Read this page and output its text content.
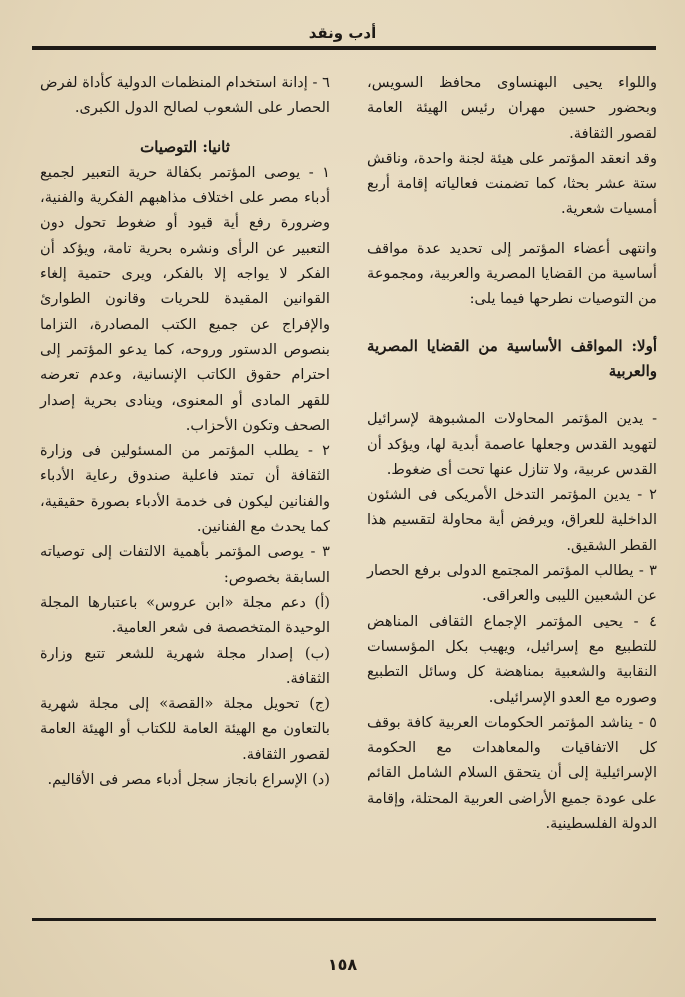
أدب ونقد

واللواء يحيى البهنساوى محافظ السويس، وبحضور حسين مهران رئيس الهيئة العامة لقصور الثقافة.

وقد انعقد المؤتمر على هيئة لجنة واحدة، وناقش ستة عشر بحثا، كما تضمنت فعالياته إقامة أربع أمسيات شعرية.

وانتهى أعضاء المؤتمر إلى تحديد عدة مواقف أساسية من القضايا المصرية والعربية، ومجموعة من التوصيات نطرحها فيما يلى:

أولا: المواقف الأساسية من القضايا المصرية والعربية

- يدين المؤتمر المحاولات المشبوهة لإسرائيل لتهويد القدس وجعلها عاصمة أبدية لها، ويؤكد أن القدس عربية، ولا تنازل عنها تحت أى ضغوط.

٢ - يدين المؤتمر التدخل الأمريكى فى الشئون الداخلية للعراق، ويرفض أية محاولة لتقسيم هذا القطر الشقيق.

٣ - يطالب المؤتمر المجتمع الدولى برفع الحصار عن الشعبين الليبى والعراقى.

٤ - يحيى المؤتمر الإجماع الثقافى المناهض للتطبيع مع إسرائيل، ويهيب بكل المؤسسات النقابية والشعبية بمناهضة كل وسائل التطبيع وصوره مع العدو الإسرائيلى.

٥ - يناشد المؤتمر الحكومات العربية كافة بوقف كل الاتفاقيات والمعاهدات مع الحكومة الإسرائيلية إلى أن يتحقق السلام الشامل القائم على عودة جميع الأراضى العربية المحتلة، وإقامة الدولة الفلسطينية.

٦ - إدانة استخدام المنظمات الدولية كأداة لفرض الحصار على الشعوب لصالح الدول الكبرى.

ثانيا: التوصيات

١ - يوصى المؤتمر بكفالة حرية التعبير لجميع أدباء مصر على اختلاف مذاهبهم الفكرية والفنية، وضرورة رفع أية قيود أو ضغوط تحول دون التعبير عن الرأى ونشره بحرية تامة، ويؤكد أن الفكر لا يواجه إلا بالفكر، ويرى حتمية إلغاء القوانين المقيدة للحريات وقانون الطوارئ والإفراج عن جميع الكتب المصادرة، التزاما بنصوص الدستور وروحه، كما يدعو المؤتمر إلى احترام حقوق الكاتب الإنسانية، وعدم تعرضه للقهر المادى أو المعنوى، وينادى بحرية إصدار الصحف وتكون الأحزاب.

٢ - يطلب المؤتمر من المسئولين فى وزارة الثقافة أن تمتد فاعلية صندوق رعاية الأدباء والفنانين ليكون فى خدمة الأدباء بصورة حقيقية، كما يحدث مع الفنانين.

٣ - يوصى المؤتمر بأهمية الالتفات إلى توصياته السابقة بخصوص:

(أ) دعم مجلة «ابن عروس» باعتبارها المجلة الوحيدة المتخصصة فى شعر العامية.

(ب) إصدار مجلة شهرية للشعر تتبع وزارة الثقافة.

(ج) تحويل مجلة «القصة» إلى مجلة شهرية بالتعاون مع الهيئة العامة للكتاب أو الهيئة العامة لقصور الثقافة.

(د) الإسراع بانجاز سجل أدباء مصر فى الأقاليم.

١٥٨
